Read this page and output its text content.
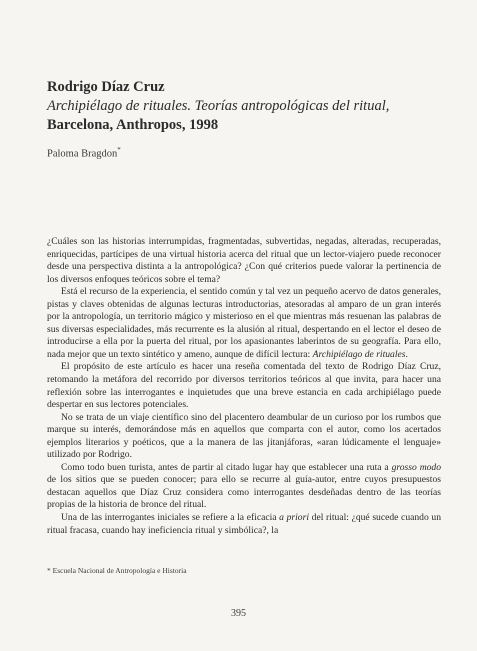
Rodrigo Díaz Cruz
Archipiélago de rituales. Teorías antropológicas del ritual,
Barcelona, Anthropos, 1998
Paloma Bragdon*

¿Cuáles son las historias interrumpidas, fragmentadas, subvertidas, negadas, alteradas, recuperadas, enriquecidas, partícipes de una virtual historia acerca del ritual que un lector-viajero puede reconocer desde una perspectiva distinta a la antropológica? ¿Con qué criterios puede valorar la pertinencia de los diversos enfoques teóricos sobre el tema?

Está el recurso de la experiencia, el sentido común y tal vez un pequeño acervo de datos generales, pistas y claves obtenidas de algunas lecturas introductorias, atesoradas al amparo de un gran interés por la antropología, un territorio mágico y misterioso en el que mientras más resuenan las palabras de sus diversas especialidades, más recurrente es la alusión al ritual, despertando en el lector el deseo de introducirse a ella por la puerta del ritual, por los apasionantes laberintos de su geografía. Para ello, nada mejor que un texto sintético y ameno, aunque de difícil lectura: Archipiélago de rituales.

El propósito de este artículo es hacer una reseña comentada del texto de Rodrigo Díaz Cruz, retomando la metáfora del recorrido por diversos territorios teóricos al que invita, para hacer una reflexión sobre las interrogantes e inquietudes que una breve estancia en cada archipiélago puede despertar en sus lectores potenciales.

No se trata de un viaje científico sino del placentero deambular de un curioso por los rumbos que marque su interés, demorándose más en aquellos que comparta con el autor, como los acertados ejemplos literarios y poéticos, que a la manera de las jitanjáforas, «aran lúdicamente el lenguaje» utilizado por Rodrigo.

Como todo buen turista, antes de partir al citado lugar hay que establecer una ruta a grosso modo de los sitios que se pueden conocer; para ello se recurre al guía-autor, entre cuyos presupuestos destacan aquellos que Díaz Cruz considera como interrogantes desdeñadas dentro de las teorías propias de la historia de bronce del ritual.

Una de las interrogantes iniciales se refiere a la eficacia a priori del ritual: ¿qué sucede cuando un ritual fracasa, cuando hay ineficiencia ritual y simbólica?, la

* Escuela Nacional de Antropología e Historia
395
